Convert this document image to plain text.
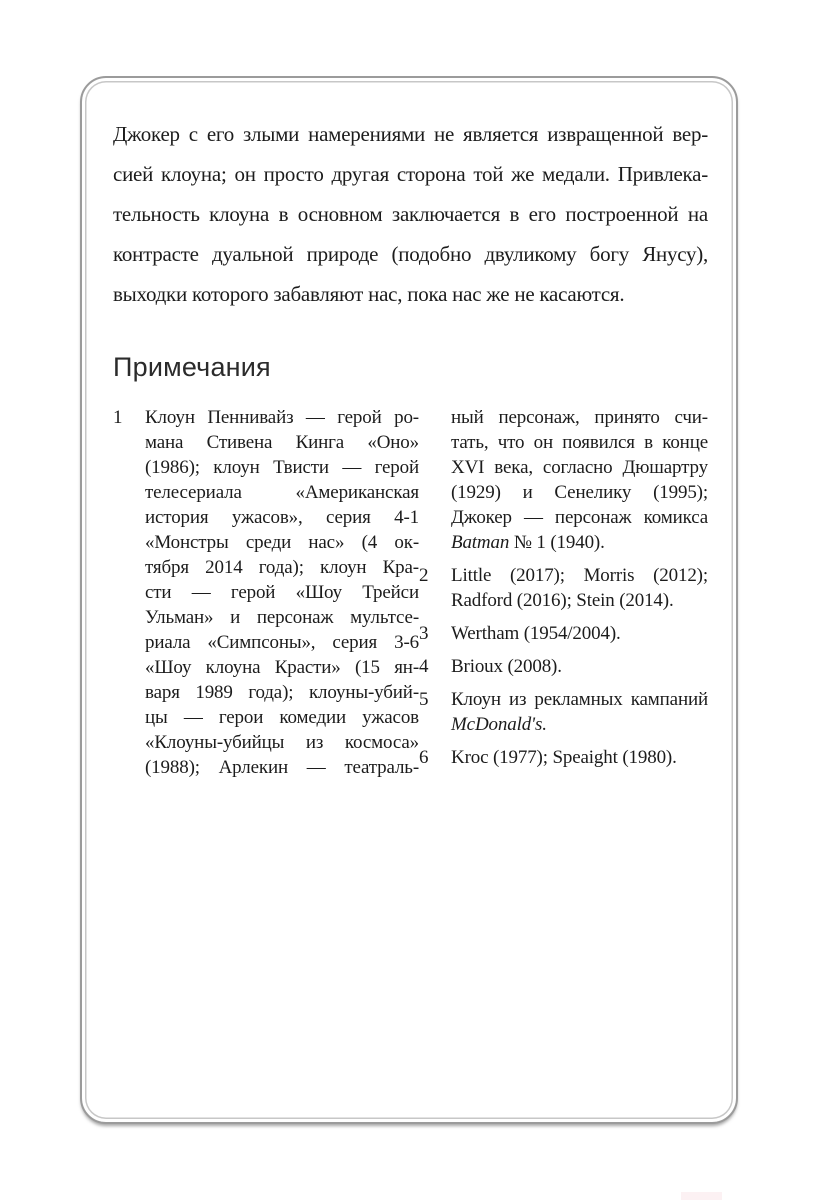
Джокер с его злыми намерениями не является извращенной вер-
сией клоуна; он просто другая сторона той же медали. Привлека-
тельность клоуна в основном заключается в его построенной на
контрасте дуальной природе (подобно двуликому богу Янусу),
выходки которого забавляют нас, пока нас же не касаются.
Примечания
1	Клоун Пеннивайз — герой ро-
мана Стивена Кинга «Оно»
(1986); клоун Твисти — герой
телесериала «Американская
история ужасов», серия 4-1
«Монстры среди нас» (4 ок-
тября 2014 года); клоун Кра-
сти — герой «Шоу Трейси
Ульман» и персонаж мультсе-
риала «Симпсоны», серия 3-6
«Шоу клоуна Красти» (15 ян-
варя 1989 года); клоуны-убий-
цы — герои комедии ужасов
«Клоуны-убийцы из космоса»
(1988); Арлекин — театраль-
ный персонаж, принято счи-
тать, что он появился в конце
XVI века, согласно Дюшартру
(1929) и Сенелику (1995);
Джокер — персонаж комикса
Batman № 1 (1940).
2	Little (2017); Morris (2012);
Radford (2016); Stein (2014).
3	Wertham (1954/2004).
4	Brioux (2008).
5	Клоун из рекламных кампаний
McDonald's.
6	Kroc (1977); Speaight (1980).
